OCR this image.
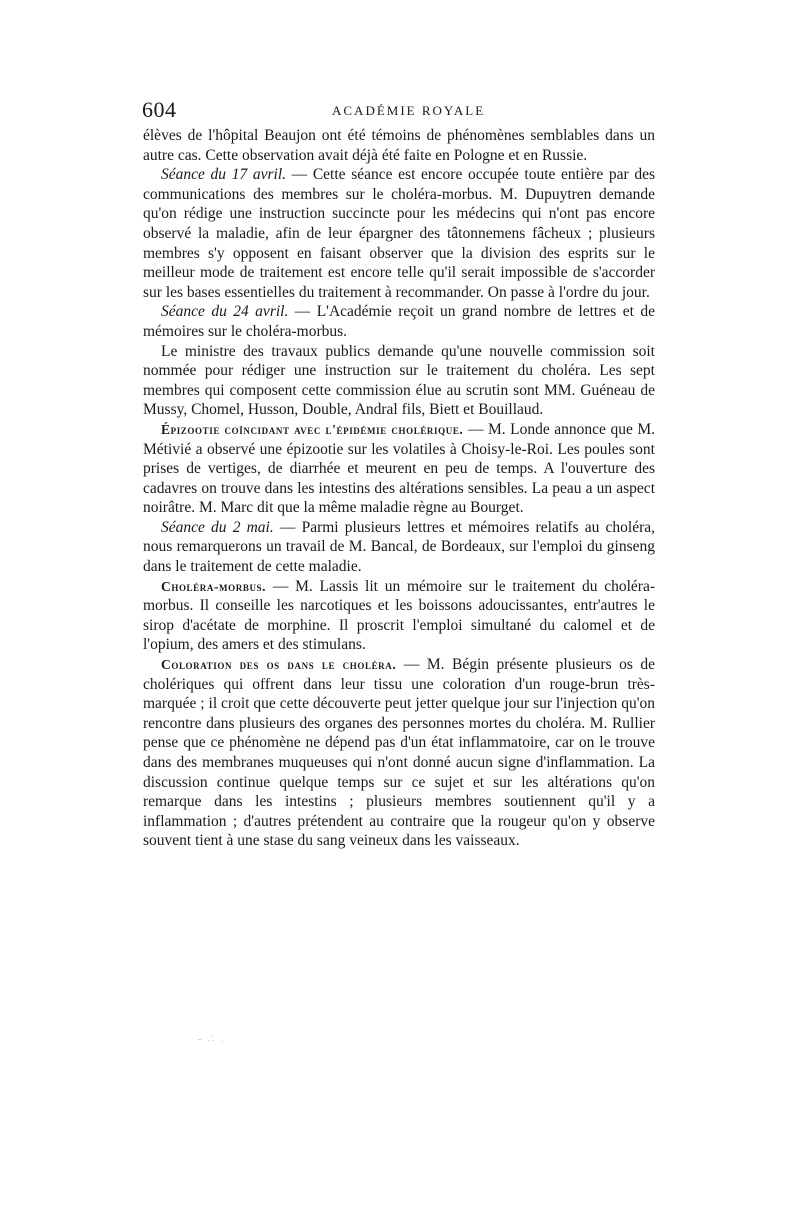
604	ACADÉMIE ROYALE

élèves de l'hôpital Beaujon ont été témoins de phénomènes semblables dans un autre cas. Cette observation avait déjà été faite en Pologne et en Russie.

Séance du 17 avril. — Cette séance est encore occupée toute entière par des communications des membres sur le choléra-morbus. M. Dupuytren demande qu'on rédige une instruction succincte pour les médecins qui n'ont pas encore observé la maladie, afin de leur épargner des tâtonnemens fâcheux ; plusieurs membres s'y opposent en faisant observer que la division des esprits sur le meilleur mode de traitement est encore telle qu'il serait impossible de s'accorder sur les bases essentielles du traitement à recommander. On passe à l'ordre du jour.

Séance du 24 avril. — L'Académie reçoit un grand nombre de lettres et de mémoires sur le choléra-morbus.

Le ministre des travaux publics demande qu'une nouvelle commission soit nommée pour rédiger une instruction sur le traitement du choléra. Les sept membres qui composent cette commission élue au scrutin sont MM. Guéneau de Mussy, Chomel, Husson, Double, Andral fils, Biett et Bouillaud.

Épizootie coïncidant avec l'épidémie cholérique. — M. Londe annonce que M. Métivié a observé une épizootie sur les volatiles à Choisy-le-Roi. Les poules sont prises de vertiges, de diarrhée et meurent en peu de temps. A l'ouverture des cadavres on trouve dans les intestins des altérations sensibles. La peau a un aspect noirâtre. M. Marc dit que la même maladie règne au Bourget.

Séance du 2 mai. — Parmi plusieurs lettres et mémoires relatifs au choléra, nous remarquerons un travail de M. Bancal, de Bordeaux, sur l'emploi du ginseng dans le traitement de cette maladie.

Choléra-morbus. — M. Lassis lit un mémoire sur le traitement du choléra-morbus. Il conseille les narcotiques et les boissons adoucissantes, entr'autres le sirop d'acétate de morphine. Il proscrit l'emploi simultané du calomel et de l'opium, des amers et des stimulans.

Coloration des os dans le choléra. — M. Bégin présente plusieurs os de cholériques qui offrent dans leur tissu une coloration d'un rouge-brun très-marquée ; il croit que cette découverte peut jetter quelque jour sur l'injection qu'on rencontre dans plusieurs des organes des personnes mortes du choléra. M. Rullier pense que ce phénomène ne dépend pas d'un état inflammatoire, car on le trouve dans des membranes muqueuses qui n'ont donné aucun signe d'inflammation. La discussion continue quelque temps sur ce sujet et sur les altérations qu'on remarque dans les intestins ; plusieurs membres soutiennent qu'il y a inflammation ; d'autres prétendent au contraire que la rougeur qu'on y observe souvent tient à une stase du sang veineux dans les vaisseaux.

- ∴ .
